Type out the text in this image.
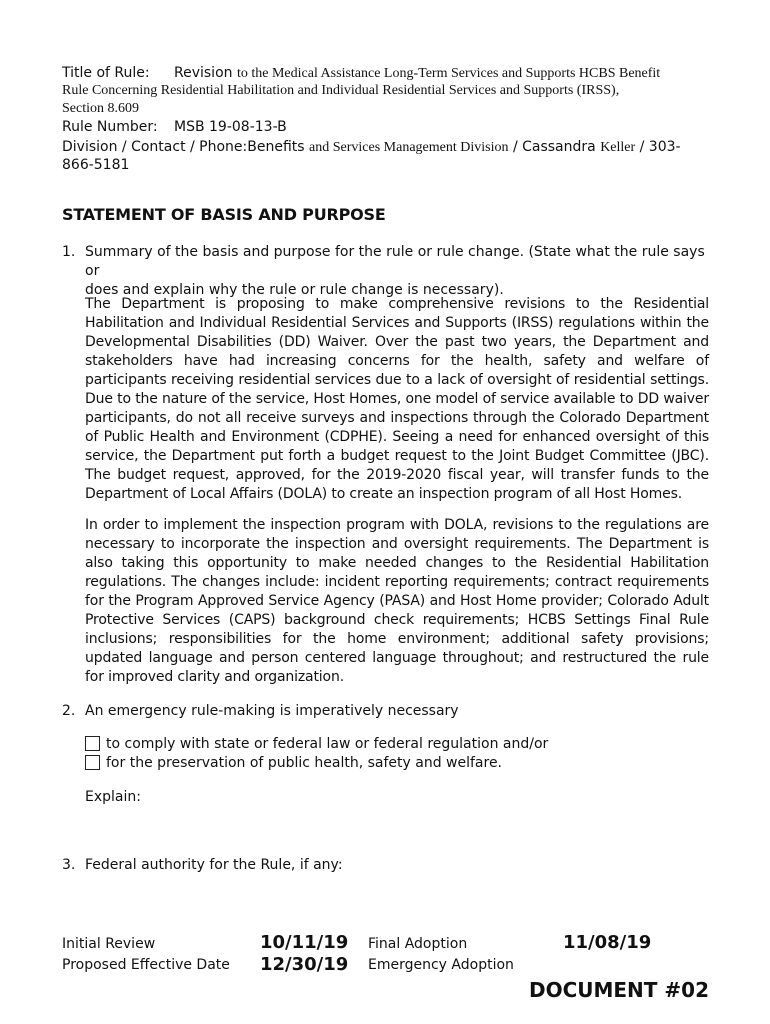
Title of Rule: Revision to the Medical Assistance Long-Term Services and Supports HCBS Benefit
Rule Concerning Residential Habilitation and Individual Residential Services and Supports (IRSS),
Section 8.609
Rule Number: MSB 19-08-13-B
Division / Contact / Phone:Benefits and Services Management Division / Cassandra Keller / 303-
866-5181
STATEMENT OF BASIS AND PURPOSE
1. Summary of the basis and purpose for the rule or rule change. (State what the rule says or
does and explain why the rule or rule change is necessary).
The Department is proposing to make comprehensive revisions to the Residential Habilitation and Individual Residential Services and Supports (IRSS) regulations within the Developmental Disabilities (DD) Waiver. Over the past two years, the Department and stakeholders have had increasing concerns for the health, safety and welfare of participants receiving residential services due to a lack of oversight of residential settings. Due to the nature of the service, Host Homes, one model of service available to DD waiver participants, do not all receive surveys and inspections through the Colorado Department of Public Health and Environment (CDPHE). Seeing a need for enhanced oversight of this service, the Department put forth a budget request to the Joint Budget Committee (JBC). The budget request, approved, for the 2019-2020 fiscal year, will transfer funds to the Department of Local Affairs (DOLA) to create an inspection program of all Host Homes.
In order to implement the inspection program with DOLA, revisions to the regulations are necessary to incorporate the inspection and oversight requirements. The Department is also taking this opportunity to make needed changes to the Residential Habilitation regulations. The changes include: incident reporting requirements; contract requirements for the Program Approved Service Agency (PASA) and Host Home provider; Colorado Adult Protective Services (CAPS) background check requirements; HCBS Settings Final Rule inclusions; responsibilities for the home environment; additional safety provisions; updated language and person centered language throughout; and restructured the rule for improved clarity and organization.
2. An emergency rule-making is imperatively necessary
to comply with state or federal law or federal regulation and/or
for the preservation of public health, safety and welfare.
Explain:
3. Federal authority for the Rule, if any:
Initial Review	10/11/19 Final Adoption	11/08/19
Proposed Effective Date 12/30/19 Emergency Adoption
DOCUMENT #02
